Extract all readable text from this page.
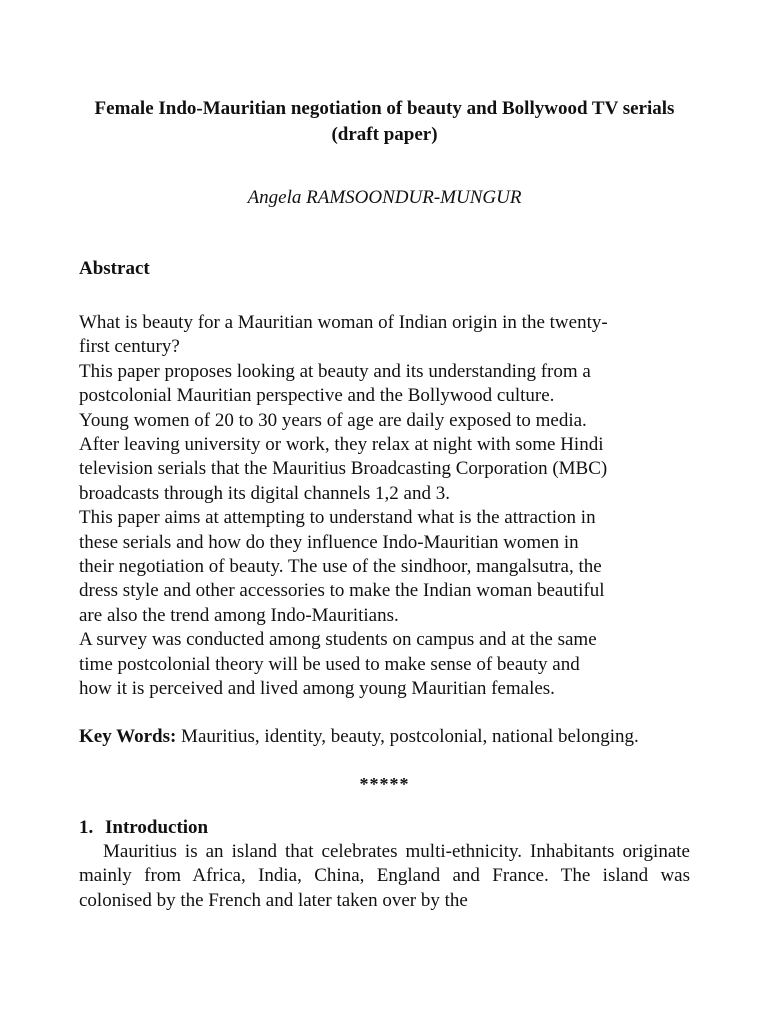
Female Indo-Mauritian negotiation of beauty and Bollywood TV serials (draft paper)
Angela RAMSOONDUR-MUNGUR
Abstract

What is beauty for a Mauritian woman of Indian origin in the twenty-

first century?

This paper proposes looking at beauty and its understanding from a

postcolonial Mauritian perspective and the Bollywood culture.

Young women of 20 to 30 years of age are daily exposed to media.

After leaving university or work, they relax at night with some Hindi

television serials that the Mauritius Broadcasting Corporation (MBC)

broadcasts through its digital channels 1,2 and 3.

This paper aims at attempting to understand what is the attraction in

these serials and how do they influence Indo-Mauritian women in

their negotiation of beauty. The use of the sindhoor, mangalsutra, the

dress style and other accessories to make the Indian woman beautiful

are also the trend among Indo-Mauritians.

A survey was conducted among students on campus and at the same

time postcolonial theory will be used to make sense of beauty and

how it is perceived and lived among young Mauritian females.

Key Words: Mauritius, identity, beauty, postcolonial, national belonging.
*****
1. Introduction

Mauritius is an island that celebrates multi-ethnicity. Inhabitants originate mainly from Africa, India, China, England and France. The island was colonised by the French and later taken over by the
